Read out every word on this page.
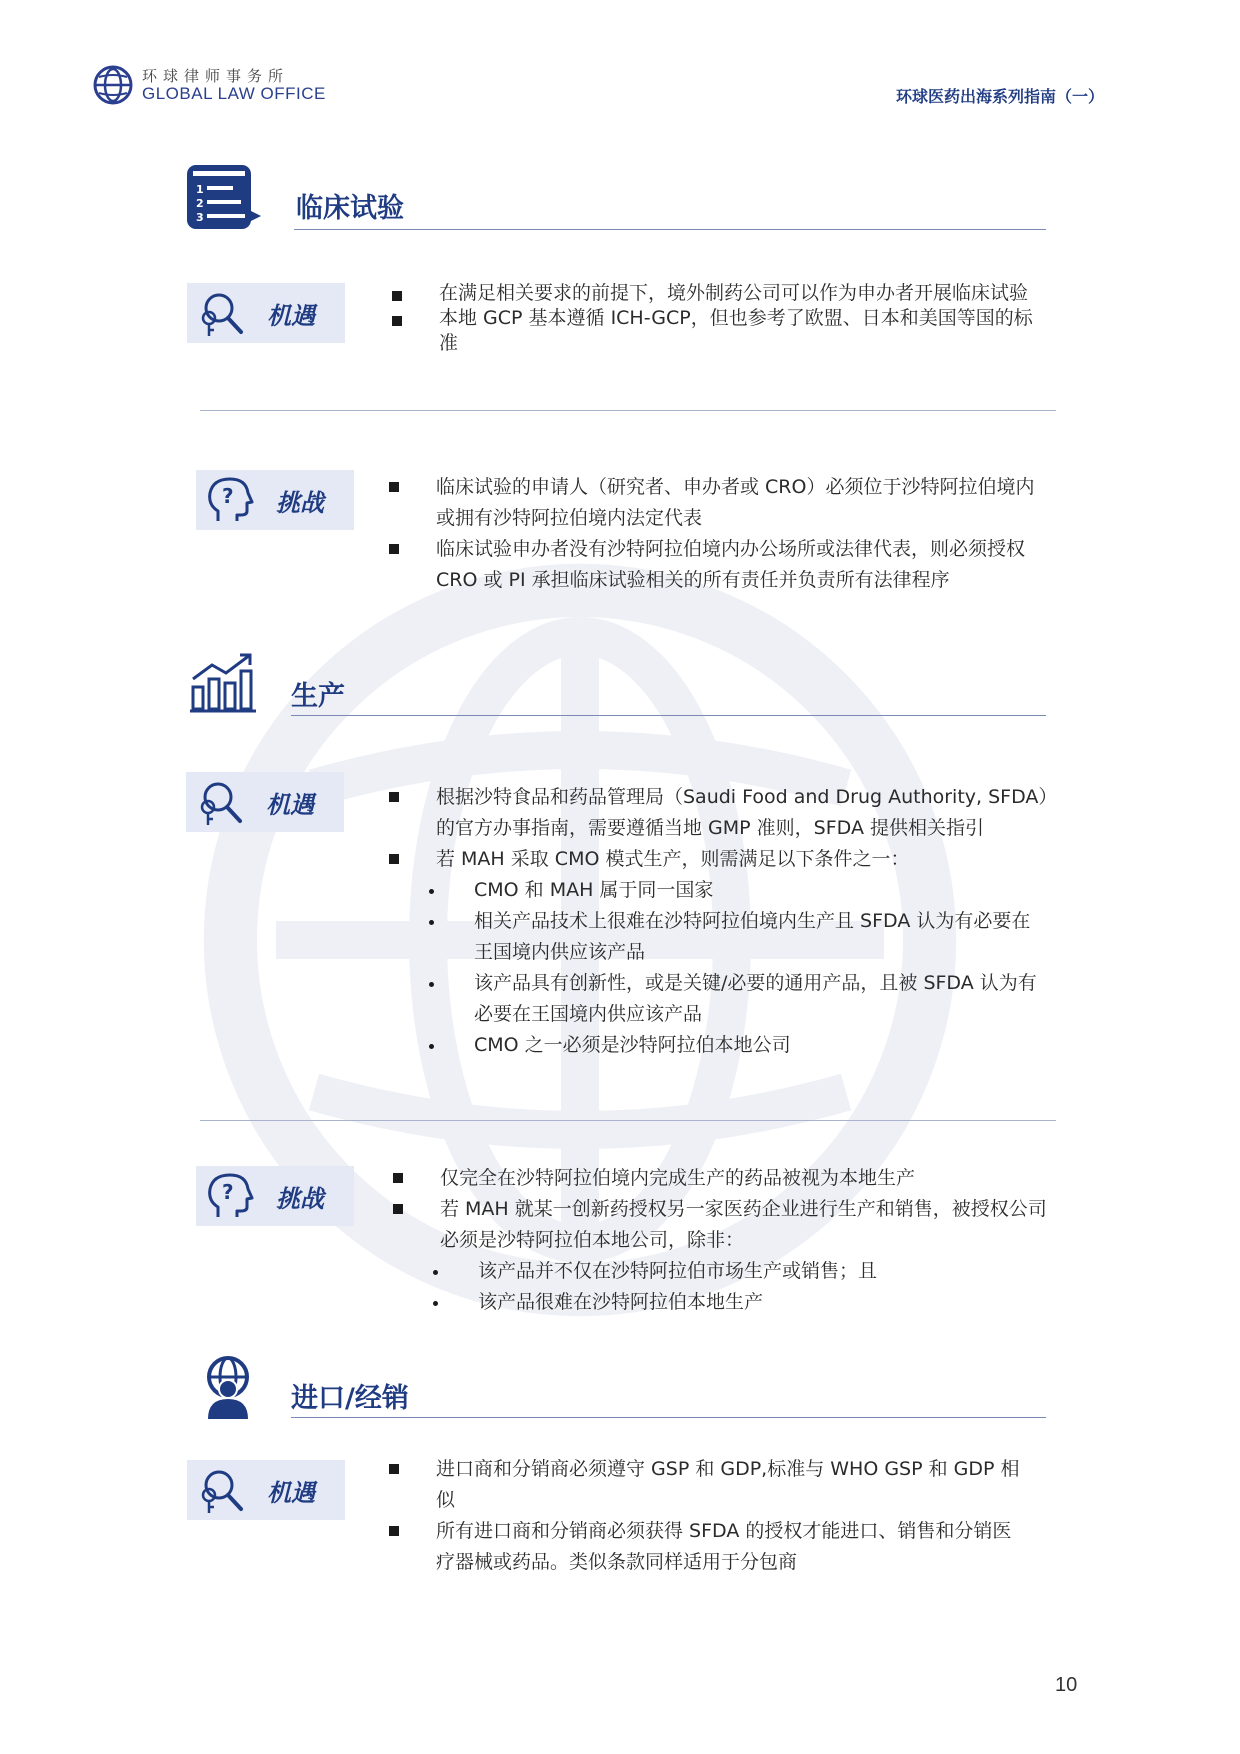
环球律师事务所
GLOBAL LAW OFFICE	环球医药出海系列指南（一）
1
2
3	临床试验
机遇
在满足相关要求的前提下，境外制药公司可以作为申办者开展临床试验
本地 GCP 基本遵循 ICH-GCP，但也参考了欧盟、日本和美国等国的标准
? 挑战
临床试验的申请人（研究者、申办者或 CRO）必须位于沙特阿拉伯境内或拥有沙特阿拉伯境内法定代表
临床试验申办者没有沙特阿拉伯境内办公场所或法律代表，则必须授权 CRO 或 PI 承担临床试验相关的所有责任并负责所有法律程序
生产
机遇	根据沙特食品和药品管理局（Saudi Food and Drug Authority, SFDA）的官方办事指南，需要遵循当地 GMP 准则，SFDA 提供相关指引
若 MAH 采取 CMO 模式生产，则需满足以下条件之一：
CMO 和 MAH 属于同一国家
相关产品技术上很难在沙特阿拉伯境内生产且 SFDA 认为有必要在王国境内供应该产品
该产品具有创新性，或是关键/必要的通用产品，且被 SFDA 认为有必要在王国境内供应该产品
CMO 之一必须是沙特阿拉伯本地公司
? 挑战
仅完全在沙特阿拉伯境内完成生产的药品被视为本地生产
若 MAH 就某一创新药授权另一家医药企业进行生产和销售，被授权公司必须是沙特阿拉伯本地公司，除非：
该产品并不仅在沙特阿拉伯市场生产或销售；且
该产品很难在沙特阿拉伯本地生产
进口/经销
机遇
进口商和分销商必须遵守 GSP 和 GDP,标准与 WHO GSP 和 GDP 相似
所有进口商和分销商必须获得 SFDA 的授权才能进口、销售和分销医疗器械或药品。类似条款同样适用于分包商
10
